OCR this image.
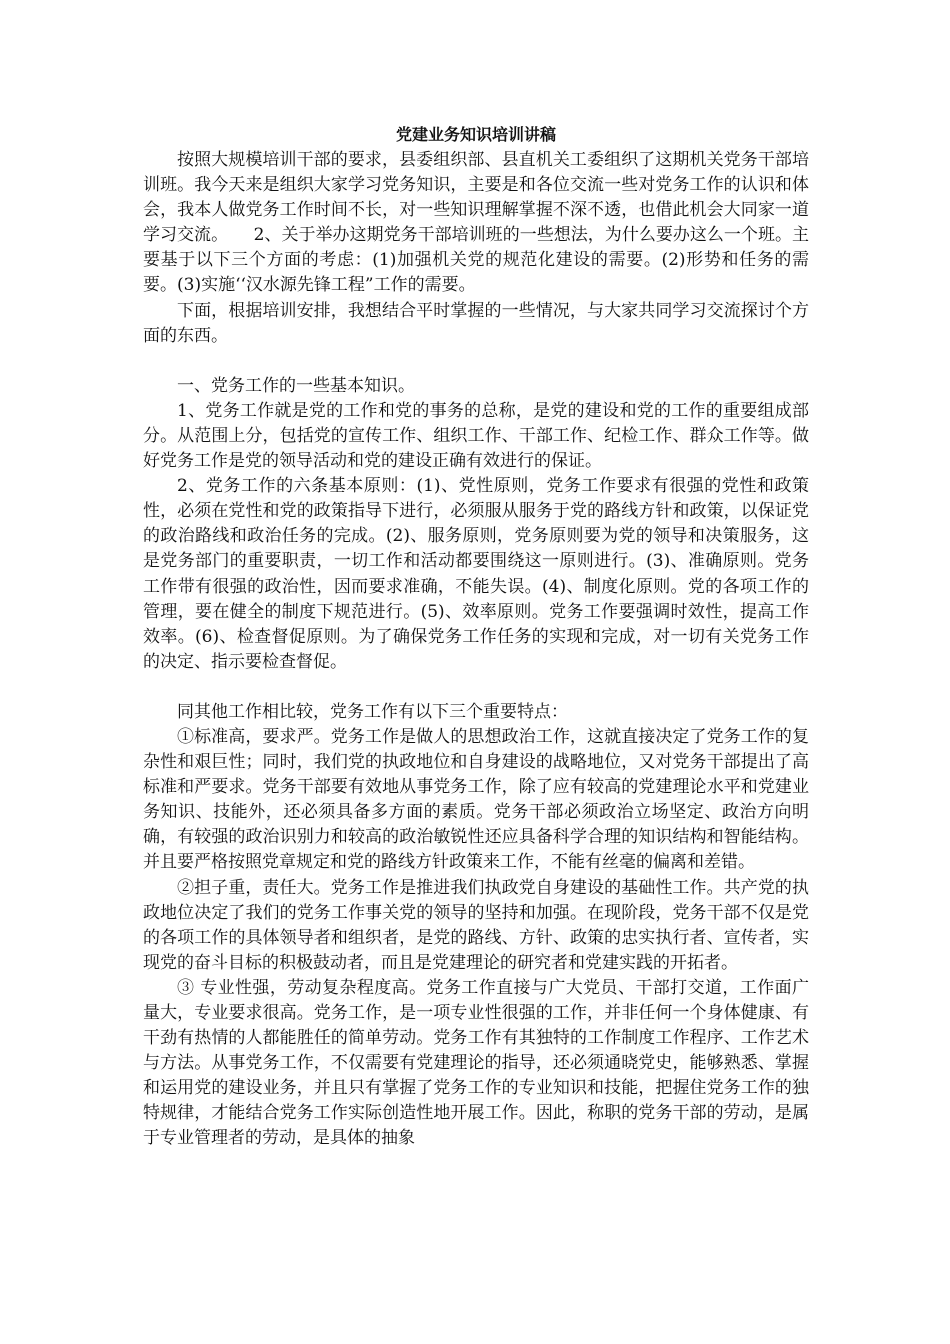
党建业务知识培训讲稿

按照大规模培训干部的要求，县委组织部、县直机关工委组织了这期机关党务干部培训班。我今天来是组织大家学习党务知识，主要是和各位交流一些对党务工作的认识和体会，我本人做党务工作时间不长，对一些知识理解掌握不深不透，也借此机会大同家一道学习交流。　　2、关于举办这期党务干部培训班的一些想法，为什么要办这么一个班。主要基于以下三个方面的考虑：(1)加强机关党的规范化建设的需要。(2)形势和任务的需要。(3)实施‘‘汉水源先锋工程”工作的需要。

下面，根据培训安排，我想结合平时掌握的一些情况，与大家共同学习交流探讨个方面的东西。

一、党务工作的一些基本知识。

1、党务工作就是党的工作和党的事务的总称，是党的建设和党的工作的重要组成部分。从范围上分，包括党的宣传工作、组织工作、干部工作、纪检工作、群众工作等。做好党务工作是党的领导活动和党的建设正确有效进行的保证。

2、党务工作的六条基本原则：(1)、党性原则，党务工作要求有很强的党性和政策性，必须在党性和党的政策指导下进行，必须服从服务于党的路线方针和政策，以保证党的政治路线和政治任务的完成。(2)、服务原则，党务原则要为党的领导和决策服务，这是党务部门的重要职责，一切工作和活动都要围绕这一原则进行。(3)、准确原则。党务工作带有很强的政治性，因而要求准确，不能失误。(4)、制度化原则。党的各项工作的管理，要在健全的制度下规范进行。(5)、效率原则。党务工作要强调时效性，提高工作效率。(6)、检查督促原则。为了确保党务工作任务的实现和完成，对一切有关党务工作的决定、指示要检查督促。

同其他工作相比较，党务工作有以下三个重要特点：

①标准高，要求严。党务工作是做人的思想政治工作，这就直接决定了党务工作的复杂性和艰巨性；同时，我们党的执政地位和自身建设的战略地位，又对党务干部提出了高标准和严要求。党务干部要有效地从事党务工作，除了应有较高的党建理论水平和党建业务知识、技能外，还必须具备多方面的素质。党务干部必须政治立场坚定、政治方向明确，有较强的政治识别力和较高的政治敏锐性还应具备科学合理的知识结构和智能结构。并且要严格按照党章规定和党的路线方针政策来工作，不能有丝毫的偏离和差错。

②担子重，责任大。党务工作是推进我们执政党自身建设的基础性工作。共产党的执政地位决定了我们的党务工作事关党的领导的坚持和加强。在现阶段，党务干部不仅是党的各项工作的具体领导者和组织者，是党的路线、方针、政策的忠实执行者、宣传者，实现党的奋斗目标的积极鼓动者，而且是党建理论的研究者和党建实践的开拓者。

③ 专业性强，劳动复杂程度高。党务工作直接与广大党员、干部打交道，工作面广量大，专业要求很高。党务工作，是一项专业性很强的工作，并非任何一个身体健康、有干劲有热情的人都能胜任的简单劳动。党务工作有其独特的工作制度工作程序、工作艺术与方法。从事党务工作，不仅需要有党建理论的指导，还必须通晓党史，能够熟悉、掌握和运用党的建设业务，并且只有掌握了党务工作的专业知识和技能，把握住党务工作的独特规律，才能结合党务工作实际创造性地开展工作。因此，称职的党务干部的劳动，是属于专业管理者的劳动，是具体的抽象
